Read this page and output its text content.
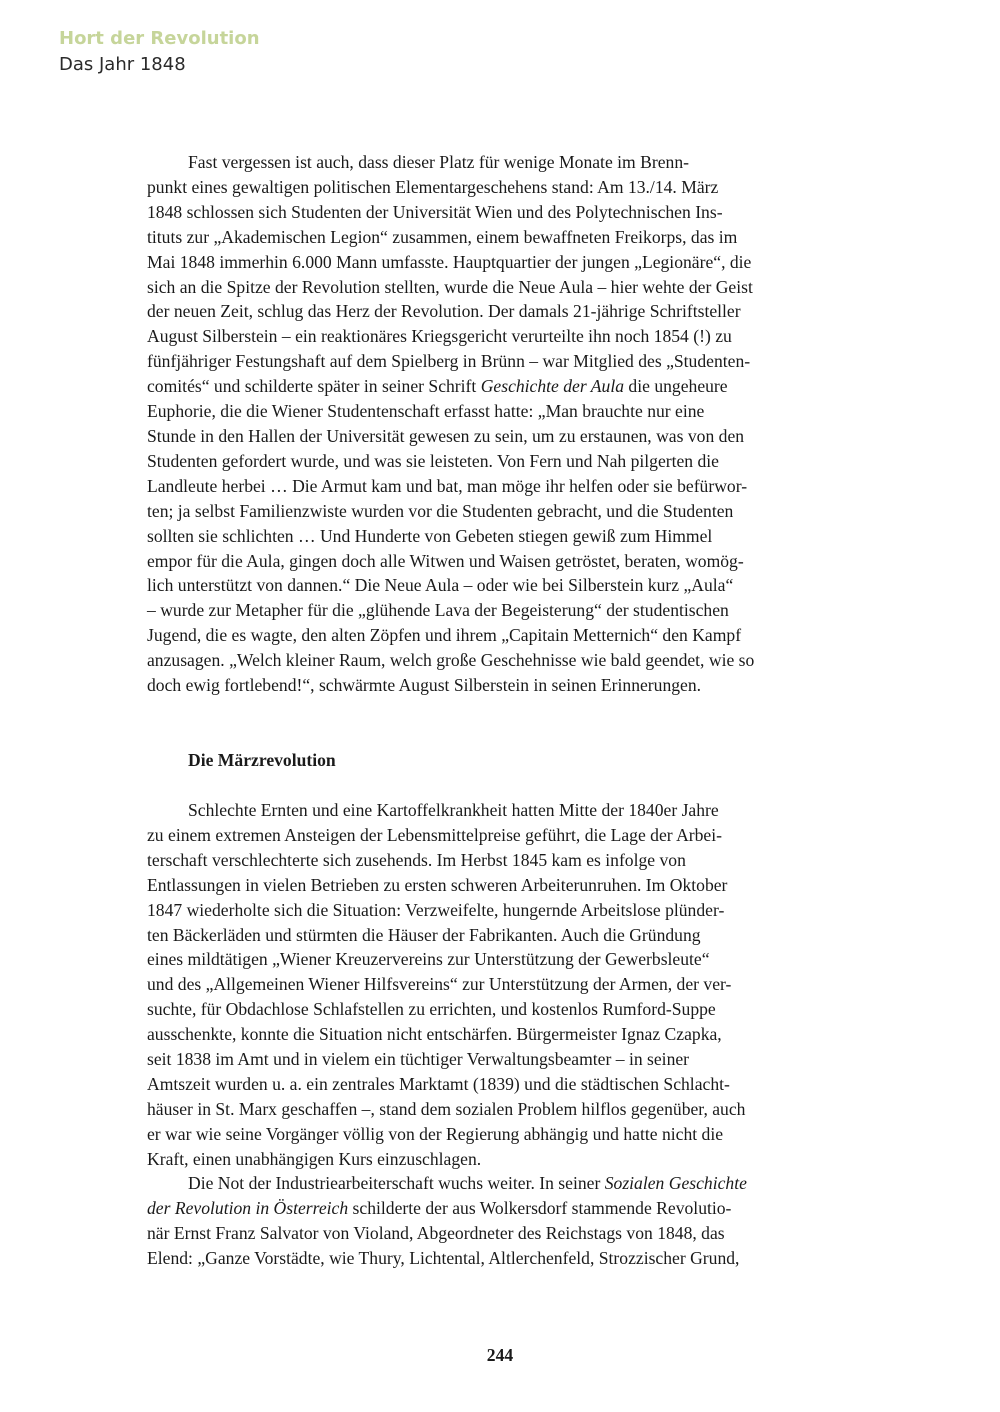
Hort der Revolution
Das Jahr 1848
Fast vergessen ist auch, dass dieser Platz für wenige Monate im Brenn-
punkt eines gewaltigen politischen Elementargeschehens stand: Am 13./14. März
1848 schlossen sich Studenten der Universität Wien und des Polytechnischen Ins-
tituts zur „Akademischen Legion“ zusammen, einem bewaffneten Freikorps, das im
Mai 1848 immerhin 6.000 Mann umfasste. Hauptquartier der jungen „Legionäre“, die
sich an die Spitze der Revolution stellten, wurde die Neue Aula – hier wehte der Geist
der neuen Zeit, schlug das Herz der Revolution. Der damals 21-jährige Schriftsteller
August Silberstein – ein reaktionäres Kriegsgericht verurteilte ihn noch 1854 (!) zu
fünfjähriger Festungshaft auf dem Spielberg in Brünn – war Mitglied des „Studenten-
comités“ und schilderte später in seiner Schrift Geschichte der Aula die ungeheure
Euphorie, die die Wiener Studentenschaft erfasst hatte: „Man brauchte nur eine
Stunde in den Hallen der Universität gewesen zu sein, um zu erstaunen, was von den
Studenten gefordert wurde, und was sie leisteten. Von Fern und Nah pilgerten die
Landleute herbei … Die Armut kam und bat, man möge ihr helfen oder sie befürwor-
ten; ja selbst Familienzwiste wurden vor die Studenten gebracht, und die Studenten
sollten sie schlichten … Und Hunderte von Gebeten stiegen gewiß zum Himmel
empor für die Aula, gingen doch alle Witwen und Waisen getröstet, beraten, womög-
lich unterstützt von dannen.“ Die Neue Aula – oder wie bei Silberstein kurz „Aula“
– wurde zur Metapher für die „glühende Lava der Begeisterung“ der studentischen
Jugend, die es wagte, den alten Zöpfen und ihrem „Capitain Metternich“ den Kampf
anzusagen. „Welch kleiner Raum, welch große Geschehnisse wie bald geendet, wie so
doch ewig fortlebend!“, schwärmte August Silberstein in seinen Erinnerungen.
Die Märzrevolution
Schlechte Ernten und eine Kartoffelkrankheit hatten Mitte der 1840er Jahre
zu einem extremen Ansteigen der Lebensmittelpreise geführt, die Lage der Arbei-
terschaft verschlechterte sich zusehends. Im Herbst 1845 kam es infolge von
Entlassungen in vielen Betrieben zu ersten schweren Arbeiterunruhen. Im Oktober
1847 wiederholte sich die Situation: Verzweifelte, hungernde Arbeitslose plünder-
ten Bäckerläden und stürmten die Häuser der Fabrikanten. Auch die Gründung
eines mildtätigen „Wiener Kreuzervereins zur Unterstützung der Gewerbsleute“
und des „Allgemeinen Wiener Hilfsvereins“ zur Unterstützung der Armen, der ver-
suchte, für Obdachlose Schlafstellen zu errichten, und kostenlos Rumford-Suppe
ausschenkte, konnte die Situation nicht entschärfen. Bürgermeister Ignaz Czapka,
seit 1838 im Amt und in vielem ein tüchtiger Verwaltungsbeamter – in seiner
Amtszeit wurden u. a. ein zentrales Marktamt (1839) und die städtischen Schlacht-
häuser in St. Marx geschaffen –, stand dem sozialen Problem hilflos gegenüber, auch
er war wie seine Vorgänger völlig von der Regierung abhängig und hatte nicht die
Kraft, einen unabhängigen Kurs einzuschlagen.
Die Not der Industriearbeiterschaft wuchs weiter. In seiner Sozialen Geschichte
der Revolution in Österreich schilderte der aus Wolkersdorf stammende Revolutio-
när Ernst Franz Salvator von Violand, Abgeordneter des Reichstags von 1848, das
Elend: „Ganze Vorstädte, wie Thury, Lichtental, Altlerchenfeld, Strozzischer Grund,
244
